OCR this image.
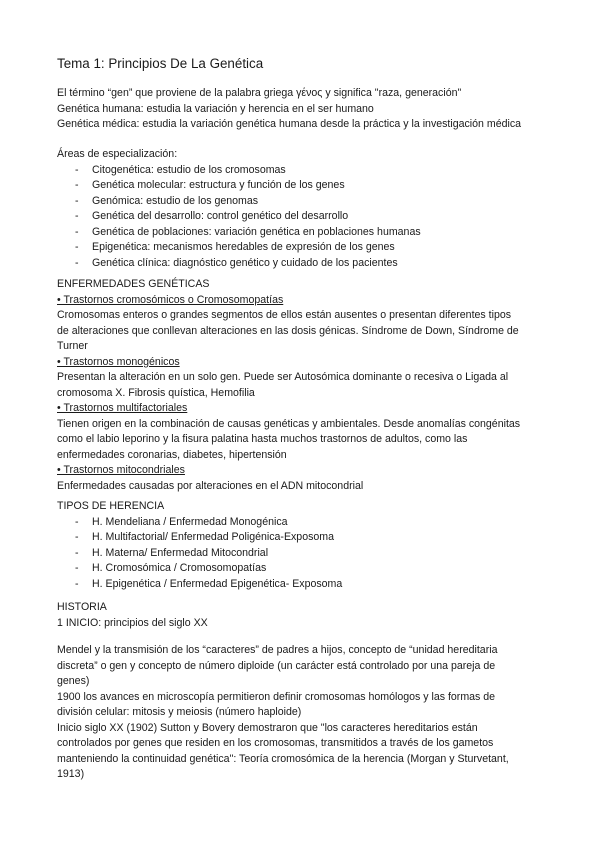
Tema 1: Principios De La Genética

El término “gen” que proviene de la palabra griega γένος y significa "raza, generación"

Genética humana: estudia la variación y herencia en el ser humano

Genética médica: estudia la variación genética humana desde la práctica y la investigación médica

Áreas de especialización:

- Citogenética: estudio de los cromosomas
- Genética molecular: estructura y función de los genes
- Genómica: estudio de los genomas
- Genética del desarrollo: control genético del desarrollo
- Genética de poblaciones: variación genética en poblaciones humanas
- Epigenética: mecanismos heredables de expresión de los genes
- Genética clínica: diagnóstico genético y cuidado de los pacientes

ENFERMEDADES GENÉTICAS

• Trastornos cromosómicos o Cromosomopatías

Cromosomas enteros o grandes segmentos de ellos están ausentes o presentan diferentes tipos

de alteraciones que conllevan alteraciones en las dosis génicas. Síndrome de Down, Síndrome de

Turner

• Trastornos monogénicos

Presentan la alteración en un solo gen. Puede ser Autosómica dominante o recesiva o Ligada al

cromosoma X. Fibrosis quística, Hemofilia

• Trastornos multifactoriales

Tienen origen en la combinación de causas genéticas y ambientales. Desde anomalías congénitas

como el labio leporino y la fisura palatina hasta muchos trastornos de adultos, como las

enfermedades coronarias, diabetes, hipertensión

• Trastornos mitocondriales

Enfermedades causadas por alteraciones en el ADN mitocondrial

TIPOS DE HERENCIA

- H. Mendeliana / Enfermedad Monogénica
- H. Multifactorial/ Enfermedad Poligénica-Exposoma
- H. Materna/ Enfermedad Mitocondrial
- H. Cromosómica / Cromosomopatías
- H. Epigenética / Enfermedad Epigenética- Exposoma

HISTORIA

1 INICIO: principios del siglo XX

Mendel y la transmisión de los “caracteres” de padres a hijos, concepto de “unidad hereditaria

discreta” o gen y concepto de número diploide (un carácter está controlado por una pareja de

genes)

1900 los avances en microscopía permitieron definir cromosomas homólogos y las formas de

división celular: mitosis y meiosis (número haploide)

Inicio siglo XX (1902) Sutton y Bovery demostraron que "los caracteres hereditarios están

controlados por genes que residen en los cromosomas, transmitidos a través de los gametos

manteniendo la continuidad genética": Teoría cromosómica de la herencia (Morgan y Sturvetant,

1913)
